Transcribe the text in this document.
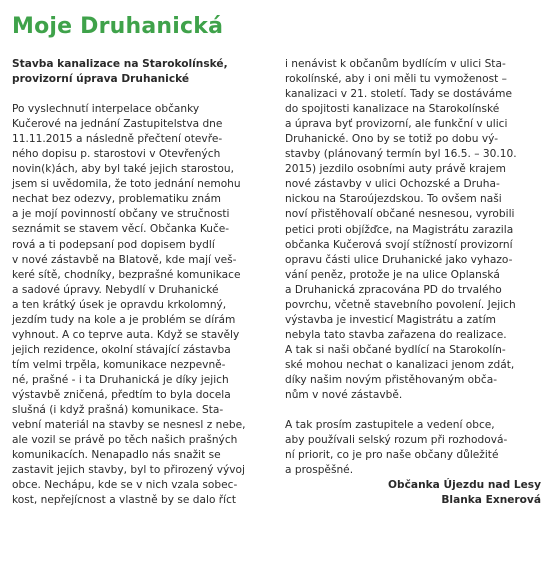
Moje Druhanická
Stavba kanalizace na Starokolínské,
provizorní úprava Druhanické

Po vyslechnutí interpelace občanky
Kučerové na jednání Zastupitelstva dne
11.11.2015 a následně přečtení otevře-
ného dopisu p. starostovi v Otevřených
novin(k)ách, aby byl také jejich starostou,
jsem si uvědomila, že toto jednání nemohu
nechat bez odezvy, problematiku znám
a je mojí povinností občany ve stručnosti
seznámit se stavem věcí. Občanka Kuče-
rová a ti podepsaní pod dopisem bydlí
v nové zástavbě na Blatově, kde mají veš-
keré sítě, chodníky, bezprašné komunikace
a sadové úpravy. Nebydlí v Druhanické
a ten krátký úsek je opravdu krkolomný,
jezdím tudy na kole a je problém se dírám
vyhnout. A co teprve auta. Když se stavěly
jejich rezidence, okolní stávající zástavba
tím velmi trpěla, komunikace nezpevně-
né, prašné - i ta Druhanická je díky jejich
výstavbě zničená, předtím to byla docela
slušná (i když prašná) komunikace. Sta-
vební materiál na stavby se nesnesl z nebe,
ale vozil se právě po těch našich prašných
komunikacích. Nenapadlo nás snažit se
zastavit jejich stavby, byl to přirozený vývoj
obce. Nechápu, kde se v nich vzala sobec-
kost, nepřejícnost a vlastně by se dalo říct

i nenávist k občanům bydlícím v ulici Sta-
rokolínské, aby i oni měli tu vymoženost –
kanalizaci v 21. století. Tady se dostáváme
do spojitosti kanalizace na Starokolínské
a úprava byť provizorní, ale funkční v ulici
Druhanické. Ono by se totiž po dobu vý-
stavby (plánovaný termín byl 16.5. – 30.10.
2015) jezdilo osobními auty právě krajem
nové zástavby v ulici Ochozské a Druha-
nickou na Staroújezdskou. To ovšem naši
noví přistěhovalí občané nesnesou, vyrobili
petici proti objížďce, na Magistrátu zarazila
občanka Kučerová svojí stížností provizorní
opravu části ulice Druhanické jako vyhazo-
vání peněz, protože je na ulice Oplanská
a Druhanická zpracována PD do trvalého
povrchu, včetně stavebního povolení. Jejich
výstavba je investicí Magistrátu a zatím
nebyla tato stavba zařazena do realizace.
A tak si naši občané bydlící na Starokolín-
ské mohou nechat o kanalizaci jenom zdát,
díky našim novým přistěhovaným obča-
nům v nové zástavbě.

A tak prosím zastupitele a vedení obce,
aby používali selský rozum při rozhodová-
ní priorit, co je pro naše občany důležité
a prospěšné.

Občanka Újezdu nad Lesy
Blanka Exnerová
